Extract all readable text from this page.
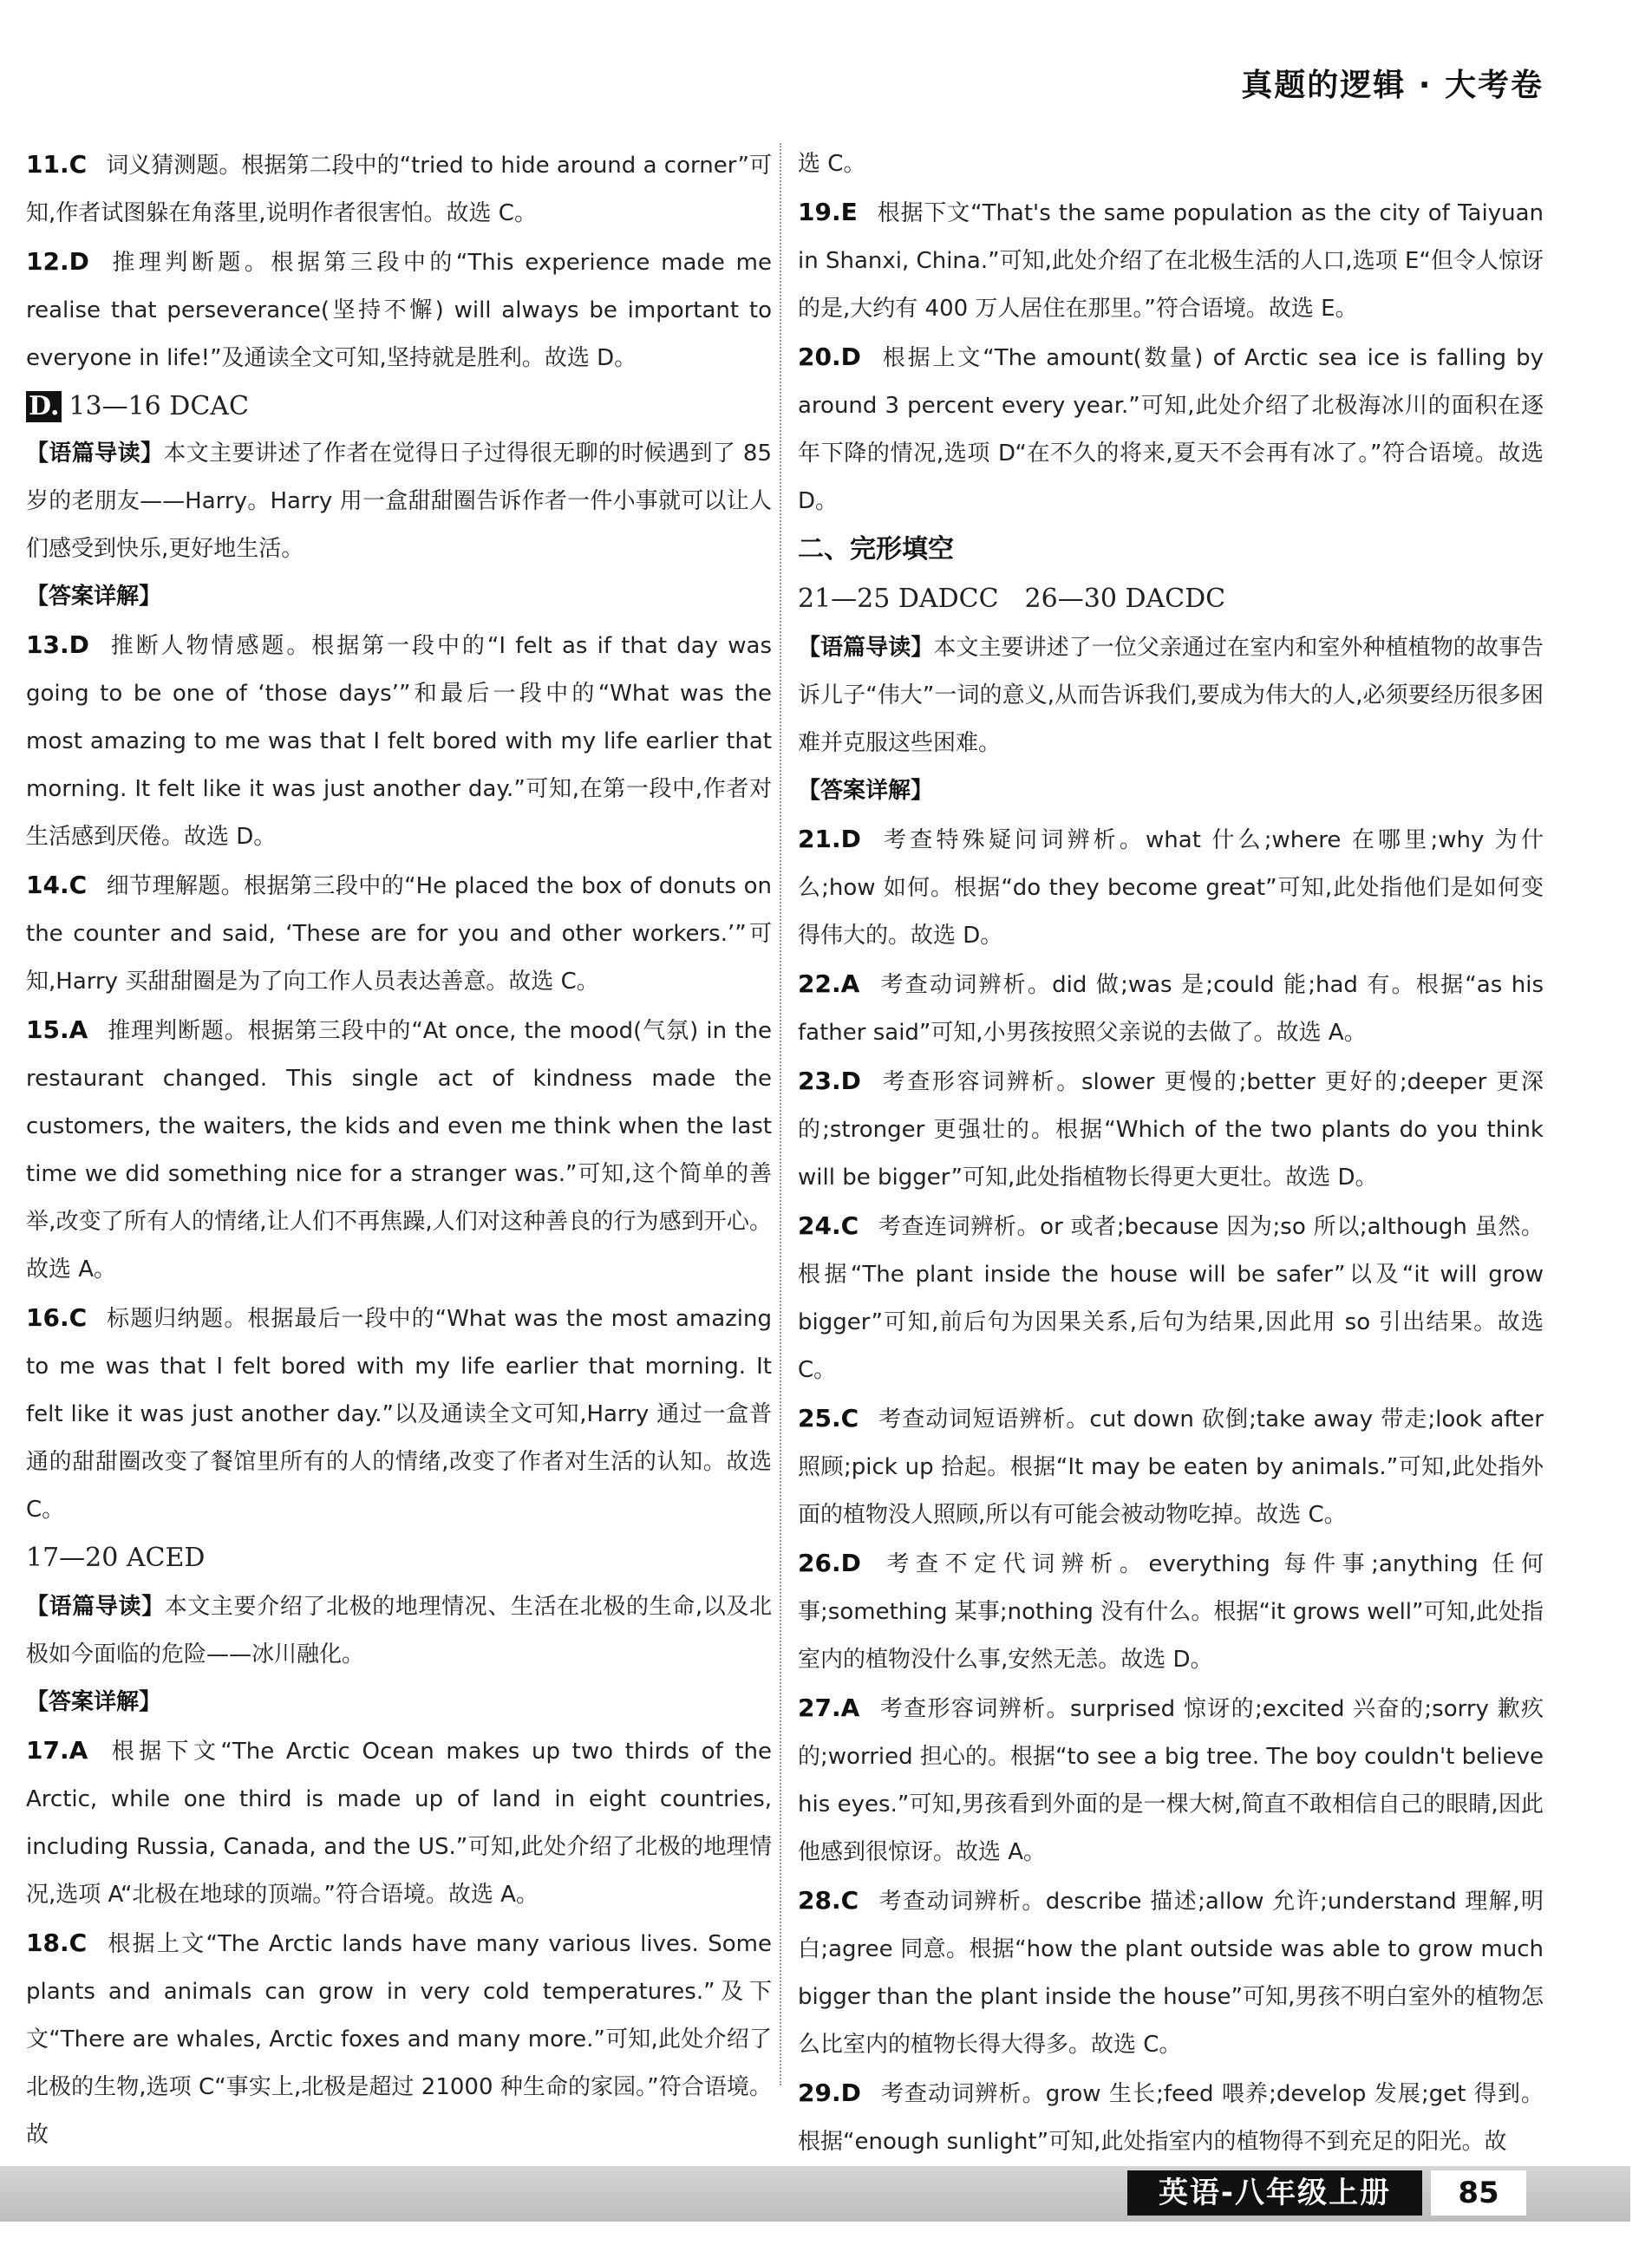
真题的逻辑 · 大考卷

11.C 词义猜测题。根据第二段中的“tried to hide around a corner”可知,作者试图躲在角落里,说明作者很害怕。故选 C。

12.D 推理判断题。根据第三段中的“This experience made me realise that perseverance(坚持不懈) will always be important to everyone in life!”及通读全文可知,坚持就是胜利。故选 D。

D. 13—16 DCAC

【语篇导读】本文主要讲述了作者在觉得日子过得很无聊的时候遇到了 85 岁的老朋友——Harry。Harry 用一盒甜甜圈告诉作者一件小事就可以让人们感受到快乐,更好地生活。

【答案详解】

13.D 推断人物情感题。根据第一段中的“I felt as if that day was going to be one of ‘those days’”和最后一段中的“What was the most amazing to me was that I felt bored with my life earlier that morning. It felt like it was just another day.”可知,在第一段中,作者对生活感到厌倦。故选 D。

14.C 细节理解题。根据第三段中的“He placed the box of donuts on the counter and said, ‘These are for you and other workers.’”可知,Harry 买甜甜圈是为了向工作人员表达善意。故选 C。

15.A 推理判断题。根据第三段中的“At once, the mood(气氛) in the restaurant changed. This single act of kindness made the customers, the waiters, the kids and even me think when the last time we did something nice for a stranger was.”可知,这个简单的善举,改变了所有人的情绪,让人们不再焦躁,人们对这种善良的行为感到开心。故选 A。

16.C 标题归纳题。根据最后一段中的“What was the most amazing to me was that I felt bored with my life earlier that morning. It felt like it was just another day.”以及通读全文可知,Harry 通过一盒普通的甜甜圈改变了餐馆里所有的人的情绪,改变了作者对生活的认知。故选 C。

17—20 ACED

【语篇导读】本文主要介绍了北极的地理情况、生活在北极的生命,以及北极如今面临的危险——冰川融化。

【答案详解】

17.A 根据下文“The Arctic Ocean makes up two thirds of the Arctic, while one third is made up of land in eight countries, including Russia, Canada, and the US.”可知,此处介绍了北极的地理情况,选项 A“北极在地球的顶端。”符合语境。故选 A。

18.C 根据上文“The Arctic lands have many various lives. Some plants and animals can grow in very cold temperatures.”及下文“There are whales, Arctic foxes and many more.”可知,此处介绍了北极的生物,选项 C“事实上,北极是超过 21000 种生命的家园。”符合语境。故

选 C。

19.E 根据下文“That's the same population as the city of Taiyuan in Shanxi, China.”可知,此处介绍了在北极生活的人口,选项 E“但令人惊讶的是,大约有 400 万人居住在那里。”符合语境。故选 E。

20.D 根据上文“The amount(数量) of Arctic sea ice is falling by around 3 percent every year.”可知,此处介绍了北极海冰川的面积在逐年下降的情况,选项 D“在不久的将来,夏天不会再有冰了。”符合语境。故选 D。

二、完形填空

21—25 DADCC　26—30 DACDC

【语篇导读】本文主要讲述了一位父亲通过在室内和室外种植植物的故事告诉儿子“伟大”一词的意义,从而告诉我们,要成为伟大的人,必须要经历很多困难并克服这些困难。

【答案详解】

21.D 考查特殊疑问词辨析。what 什么;where 在哪里;why 为什么;how 如何。根据“do they become great”可知,此处指他们是如何变得伟大的。故选 D。

22.A 考查动词辨析。did 做;was 是;could 能;had 有。根据“as his father said”可知,小男孩按照父亲说的去做了。故选 A。

23.D 考查形容词辨析。slower 更慢的;better 更好的;deeper 更深的;stronger 更强壮的。根据“Which of the two plants do you think will be bigger”可知,此处指植物长得更大更壮。故选 D。

24.C 考查连词辨析。or 或者;because 因为;so 所以;although 虽然。根据“The plant inside the house will be safer”以及“it will grow bigger”可知,前后句为因果关系,后句为结果,因此用 so 引出结果。故选 C。

25.C 考查动词短语辨析。cut down 砍倒;take away 带走;look after 照顾;pick up 拾起。根据“It may be eaten by animals.”可知,此处指外面的植物没人照顾,所以有可能会被动物吃掉。故选 C。

26.D 考查不定代词辨析。everything 每件事;anything 任何事;something 某事;nothing 没有什么。根据“it grows well”可知,此处指室内的植物没什么事,安然无恙。故选 D。

27.A 考查形容词辨析。surprised 惊讶的;excited 兴奋的;sorry 歉疚的;worried 担心的。根据“to see a big tree. The boy couldn't believe his eyes.”可知,男孩看到外面的是一棵大树,简直不敢相信自己的眼睛,因此他感到很惊讶。故选 A。

28.C 考查动词辨析。describe 描述;allow 允许;understand 理解,明白;agree 同意。根据“how the plant outside was able to grow much bigger than the plant inside the house”可知,男孩不明白室外的植物怎么比室内的植物长得大得多。故选 C。

29.D 考查动词辨析。grow 生长;feed 喂养;develop 发展;get 得到。根据“enough sunlight”可知,此处指室内的植物得不到充足的阳光。故

英语-八年级上册	85
